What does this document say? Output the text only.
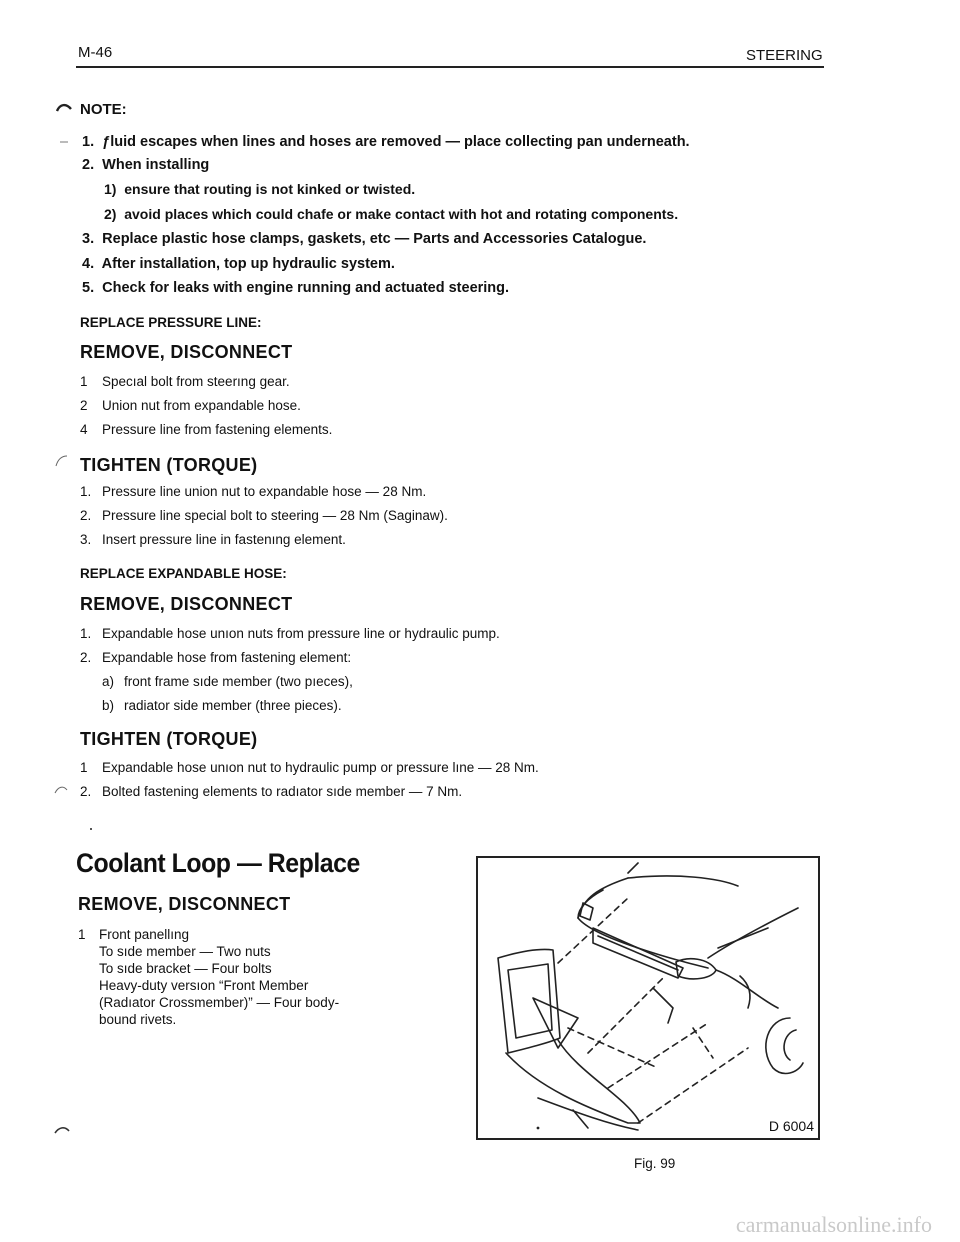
M-46	STEERING
NOTE:
1. ƒluid escapes when lines and hoses are removed — place collecting pan underneath.
2. When installing
1) ensure that routing is not kinked or twisted.
2) avoid places which could chafe or make contact with hot and rotating components.
3. Replace plastic hose clamps, gaskets, etc — Parts and Accessories Catalogue.
4. After installation, top up hydraulic system.
5. Check for leaks with engine running and actuated steering.
REPLACE PRESSURE LINE:
REMOVE, DISCONNECT
1 Specıal bolt from steerıng gear.
2 Union nut from expandable hose.
4 Pressure line from fastening elements.
TIGHTEN (TORQUE)
1. Pressure line union nut to expandable hose — 28 Nm.
2. Pressure line special bolt to steering — 28 Nm (Saginaw).
3. Insert pressure line in fastenıng element.
REPLACE EXPANDABLE HOSE:
REMOVE, DISCONNECT
1. Expandable hose unıon nuts from pressure line or hydraulic pump.
2. Expandable hose from fastening element:
a) front frame sıde member (two pıeces),
b) radiator side member (three pieces).
TIGHTEN (TORQUE)
1 Expandable hose unıon nut to hydraulic pump or pressure lıne — 28 Nm.
2. Bolted fastening elements to radıator sıde member — 7 Nm.
Coolant Loop — Replace
REMOVE, DISCONNECT
1 Front panellıng
To sıde member — Two nuts
To sıde bracket — Four bolts
Heavy-duty versıon “Front Member
(Radıator Crossmember)” — Four body-
bound rivets.
D 6004
Fig. 99
carmanualsonline.info
